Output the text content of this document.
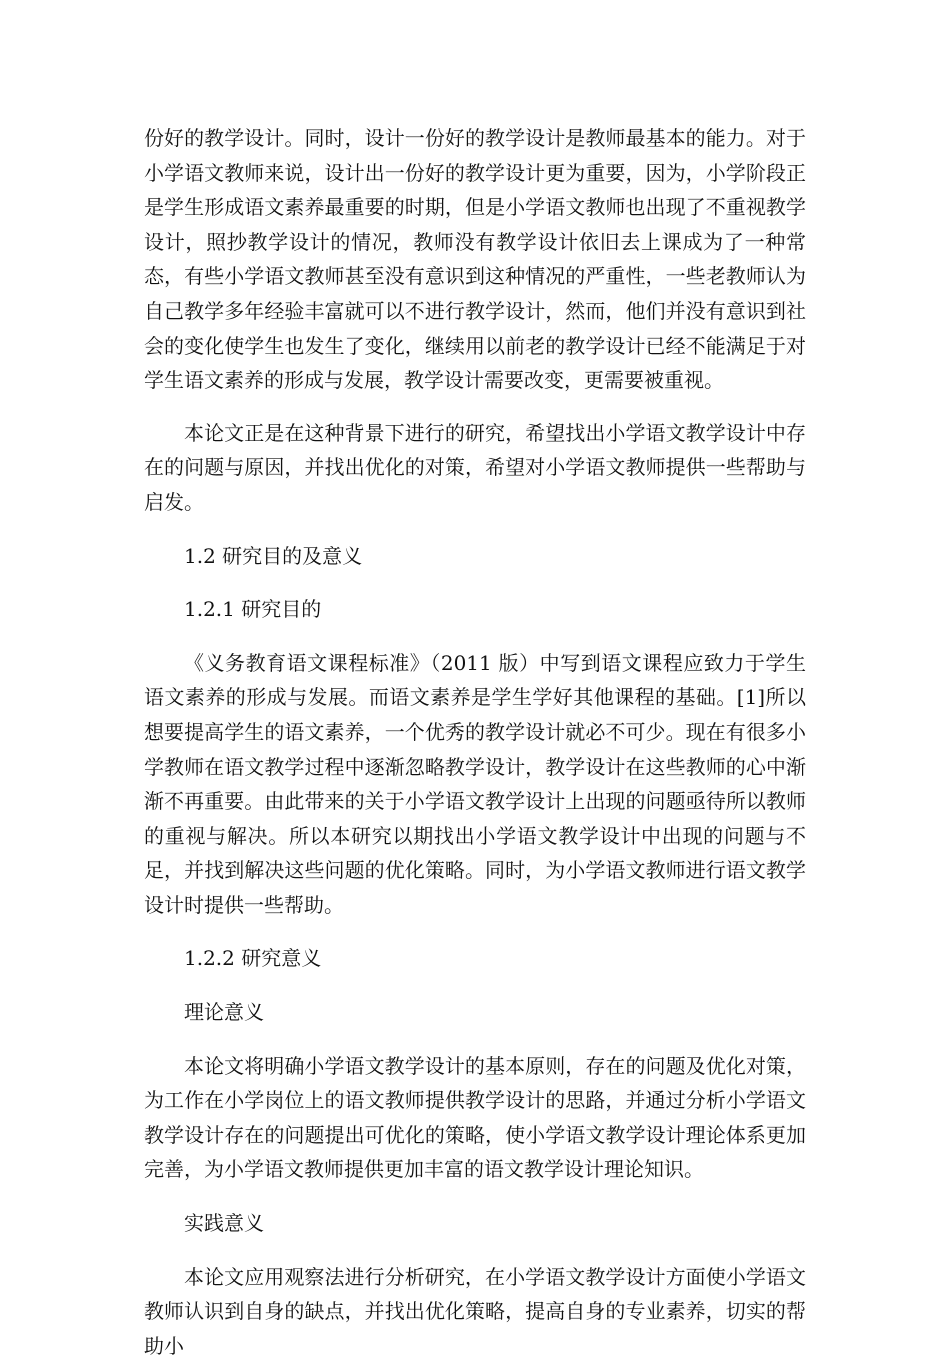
份好的教学设计。同时，设计一份好的教学设计是教师最基本的能力。对于小学语文教师来说，设计出一份好的教学设计更为重要，因为，小学阶段正是学生形成语文素养最重要的时期，但是小学语文教师也出现了不重视教学设计，照抄教学设计的情况，教师没有教学设计依旧去上课成为了一种常态，有些小学语文教师甚至没有意识到这种情况的严重性，一些老教师认为自己教学多年经验丰富就可以不进行教学设计，然而，他们并没有意识到社会的变化使学生也发生了变化，继续用以前老的教学设计已经不能满足于对学生语文素养的形成与发展，教学设计需要改变，更需要被重视。

本论文正是在这种背景下进行的研究，希望找出小学语文教学设计中存在的问题与原因，并找出优化的对策，希望对小学语文教师提供一些帮助与启发。

1.2 研究目的及意义

1.2.1 研究目的

《义务教育语文课程标准》（2011 版）中写到语文课程应致力于学生语文素养的形成与发展。而语文素养是学生学好其他课程的基础。[1]所以想要提高学生的语文素养，一个优秀的教学设计就必不可少。现在有很多小学教师在语文教学过程中逐渐忽略教学设计，教学设计在这些教师的心中渐渐不再重要。由此带来的关于小学语文教学设计上出现的问题亟待所以教师的重视与解决。所以本研究以期找出小学语文教学设计中出现的问题与不足，并找到解决这些问题的优化策略。同时，为小学语文教师进行语文教学设计时提供一些帮助。

1.2.2 研究意义

理论意义

本论文将明确小学语文教学设计的基本原则，存在的问题及优化对策，为工作在小学岗位上的语文教师提供教学设计的思路，并通过分析小学语文教学设计存在的问题提出可优化的策略，使小学语文教学设计理论体系更加完善，为小学语文教师提供更加丰富的语文教学设计理论知识。

实践意义

本论文应用观察法进行分析研究，在小学语文教学设计方面使小学语文教师认识到自身的缺点，并找出优化策略，提高自身的专业素养，切实的帮助小
